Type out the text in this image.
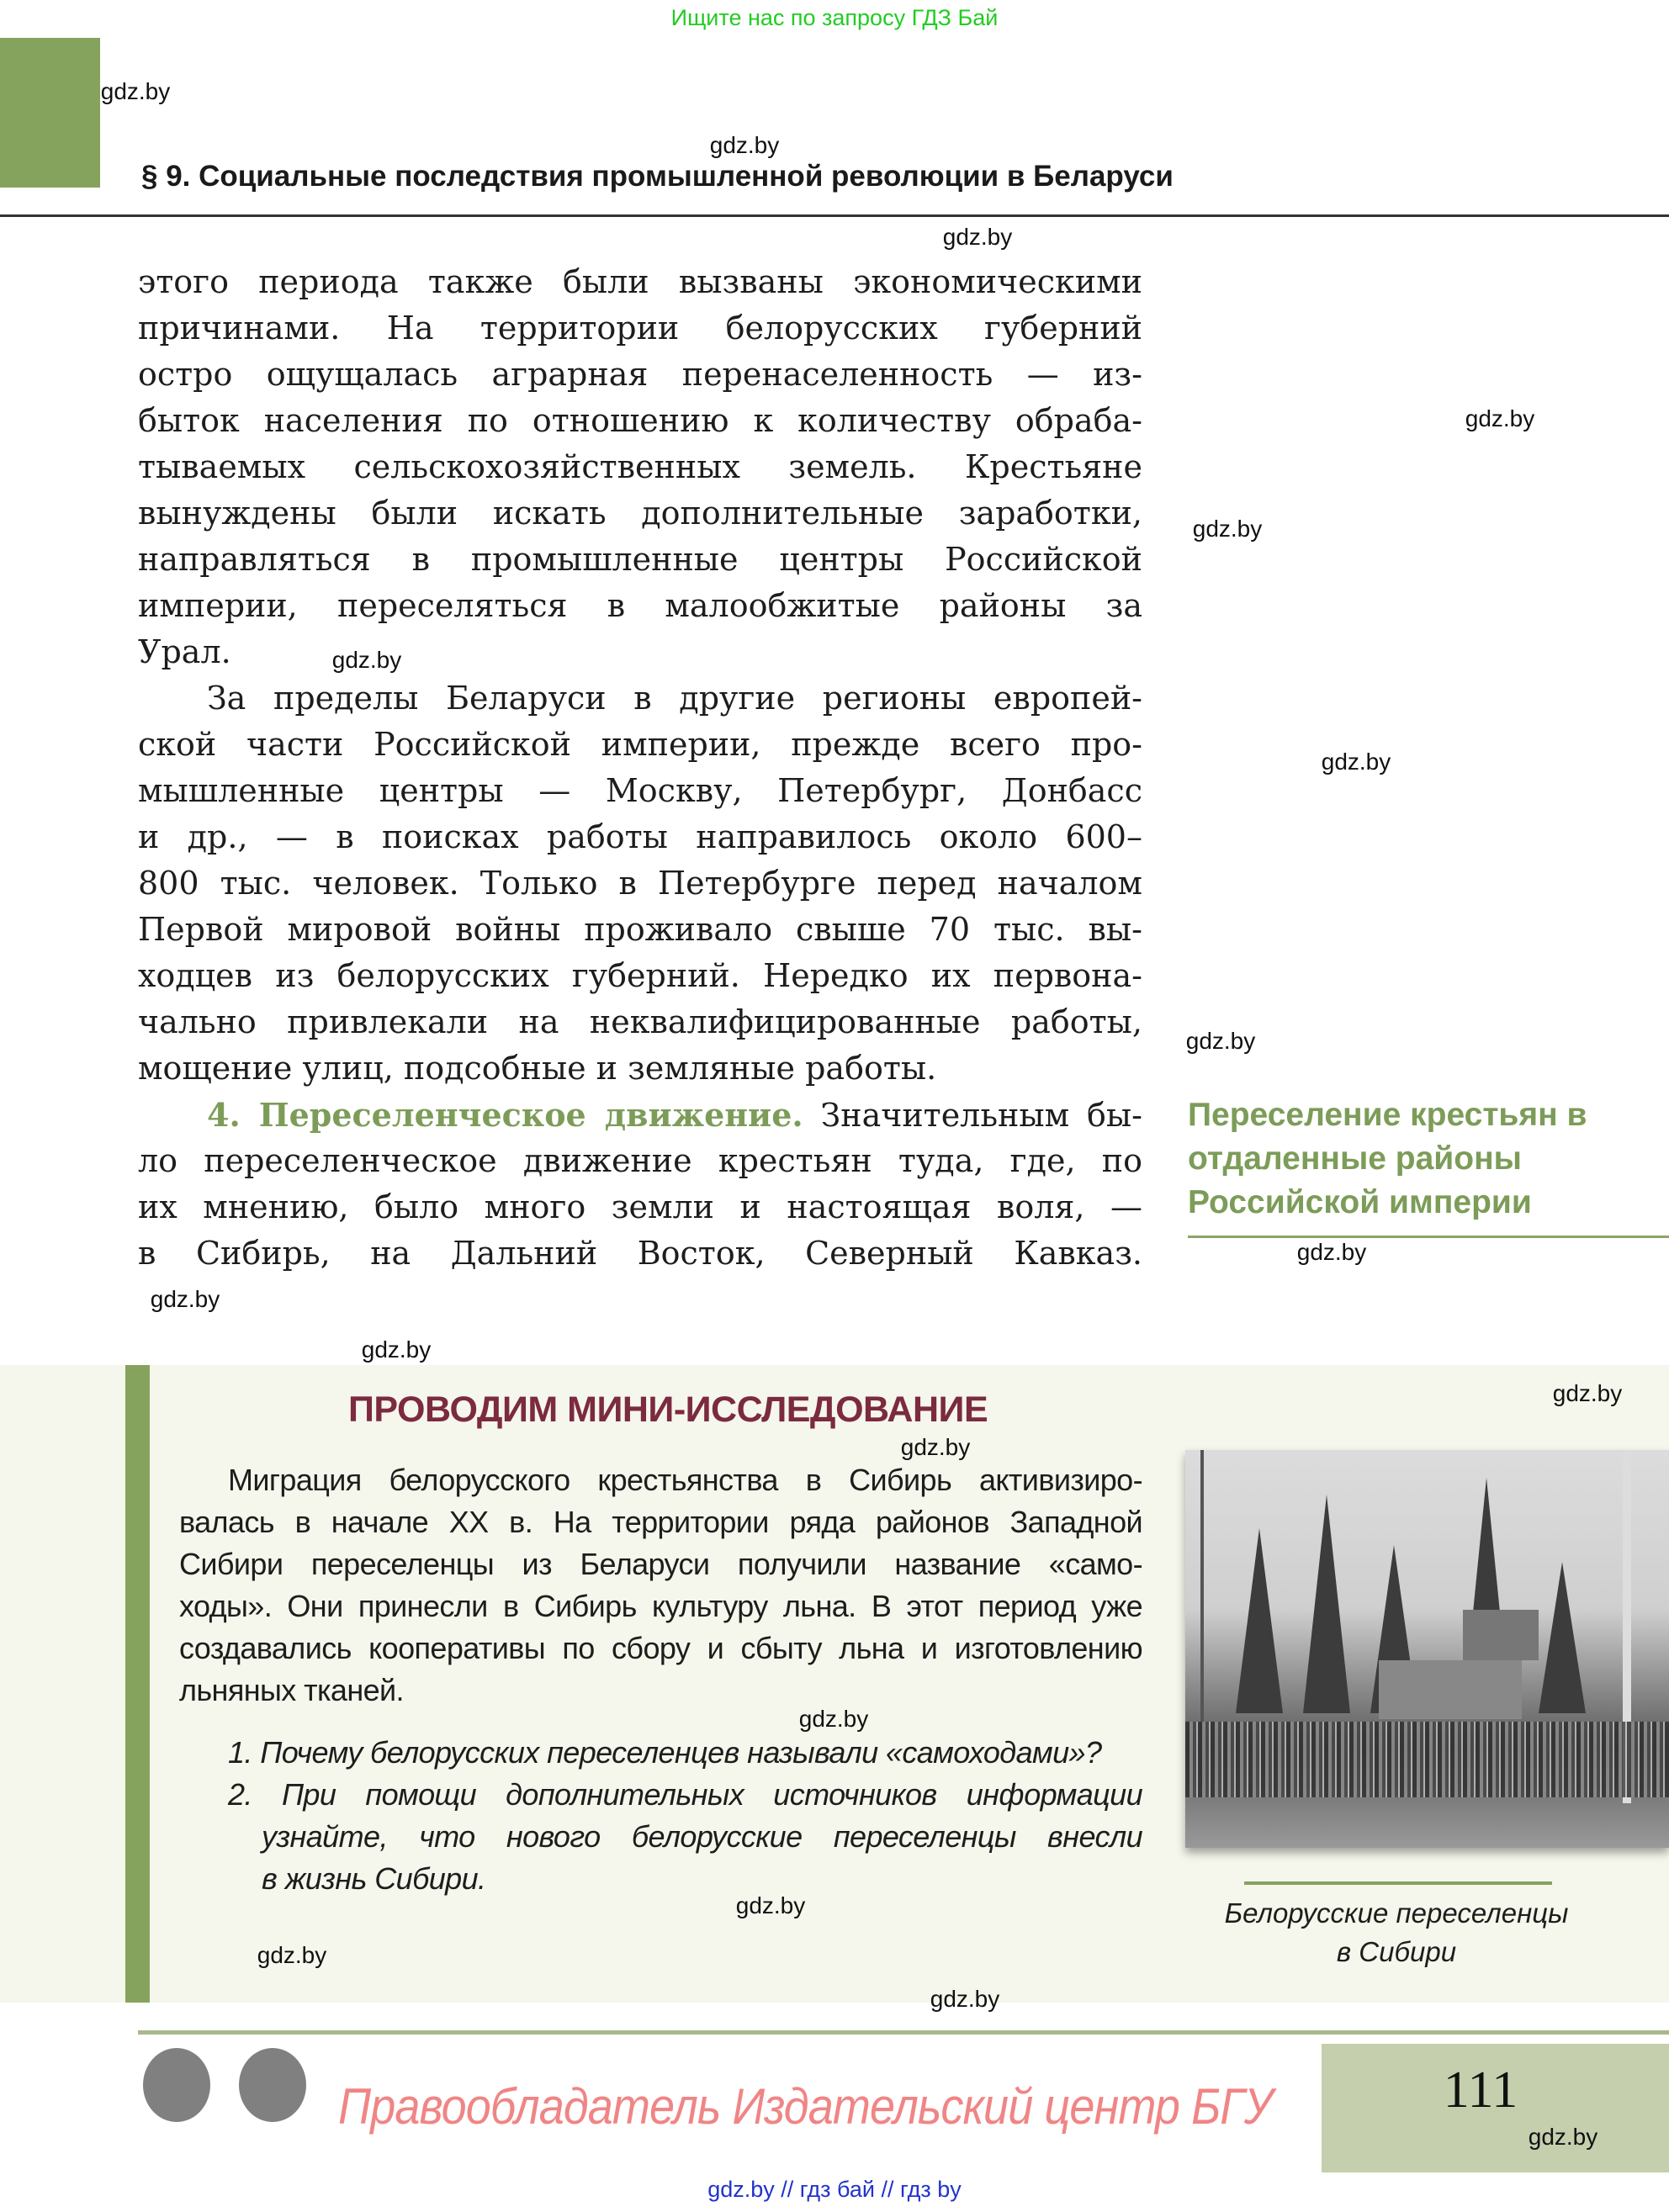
Ищите нас по запросу ГДЗ Бай
§ 9. Социальные последствия промышленной революции в Беларуси
этого периода также были вызваны экономическими
причинами. На территории белорусских губерний
остро ощущалась аграрная перенаселенность — из-
быток населения по отношению к количеству обраба-
тываемых сельскохозяйственных земель. Крестьяне
вынуждены были искать дополнительные заработки,
направляться в промышленные центры Российской
империи, переселяться в малообжитые районы за
Урал.
За пределы Беларуси в другие регионы европей-
ской части Российской империи, прежде всего про-
мышленные центры — Москву, Петербург, Донбасс
и др., — в поисках работы направилось около 600–
800 тыс. человек. Только в Петербурге перед началом
Первой мировой войны проживало свыше 70 тыс. вы-
ходцев из белорусских губерний. Нередко их первона-
чально привлекали на неквалифицированные работы,
мощение улиц, подсобные и земляные работы.
4. Переселенческое движение. Значительным бы-
ло переселенческое движение крестьян туда, где, по
их мнению, было много земли и настоящая воля, —
в Сибирь, на Дальний Восток, Северный Кавказ.
Переселение крестьян в отдаленные районы Российской империи
ПРОВОДИМ МИНИ-ИССЛЕДОВАНИЕ
Миграция белорусского крестьянства в Сибирь активизиро-
валась в начале XX в. На территории ряда районов Западной
Сибири переселенцы из Беларуси получили название «само-
ходы». Они принесли в Сибирь культуру льна. В этот период уже
создавались кооперативы по сбору и сбыту льна и изготовлению
льняных тканей.
1. Почему белорусских переселенцев называли «самоходами»?
2. При помощи дополнительных источников информации
узнайте, что нового белорусские переселенцы внесли
в жизнь Сибири.
Белорусские переселенцы
в Сибири
Правообладатель Издательский центр БГУ	111
gdz.by // гдз бай // гдз by
gdz.by
gdz.by
gdz.by
gdz.by
gdz.by
gdz.by
gdz.by
gdz.by
gdz.by
gdz.by
gdz.by
gdz.by
gdz.by
gdz.by
gdz.by
gdz.by
gdz.by
gdz.by
